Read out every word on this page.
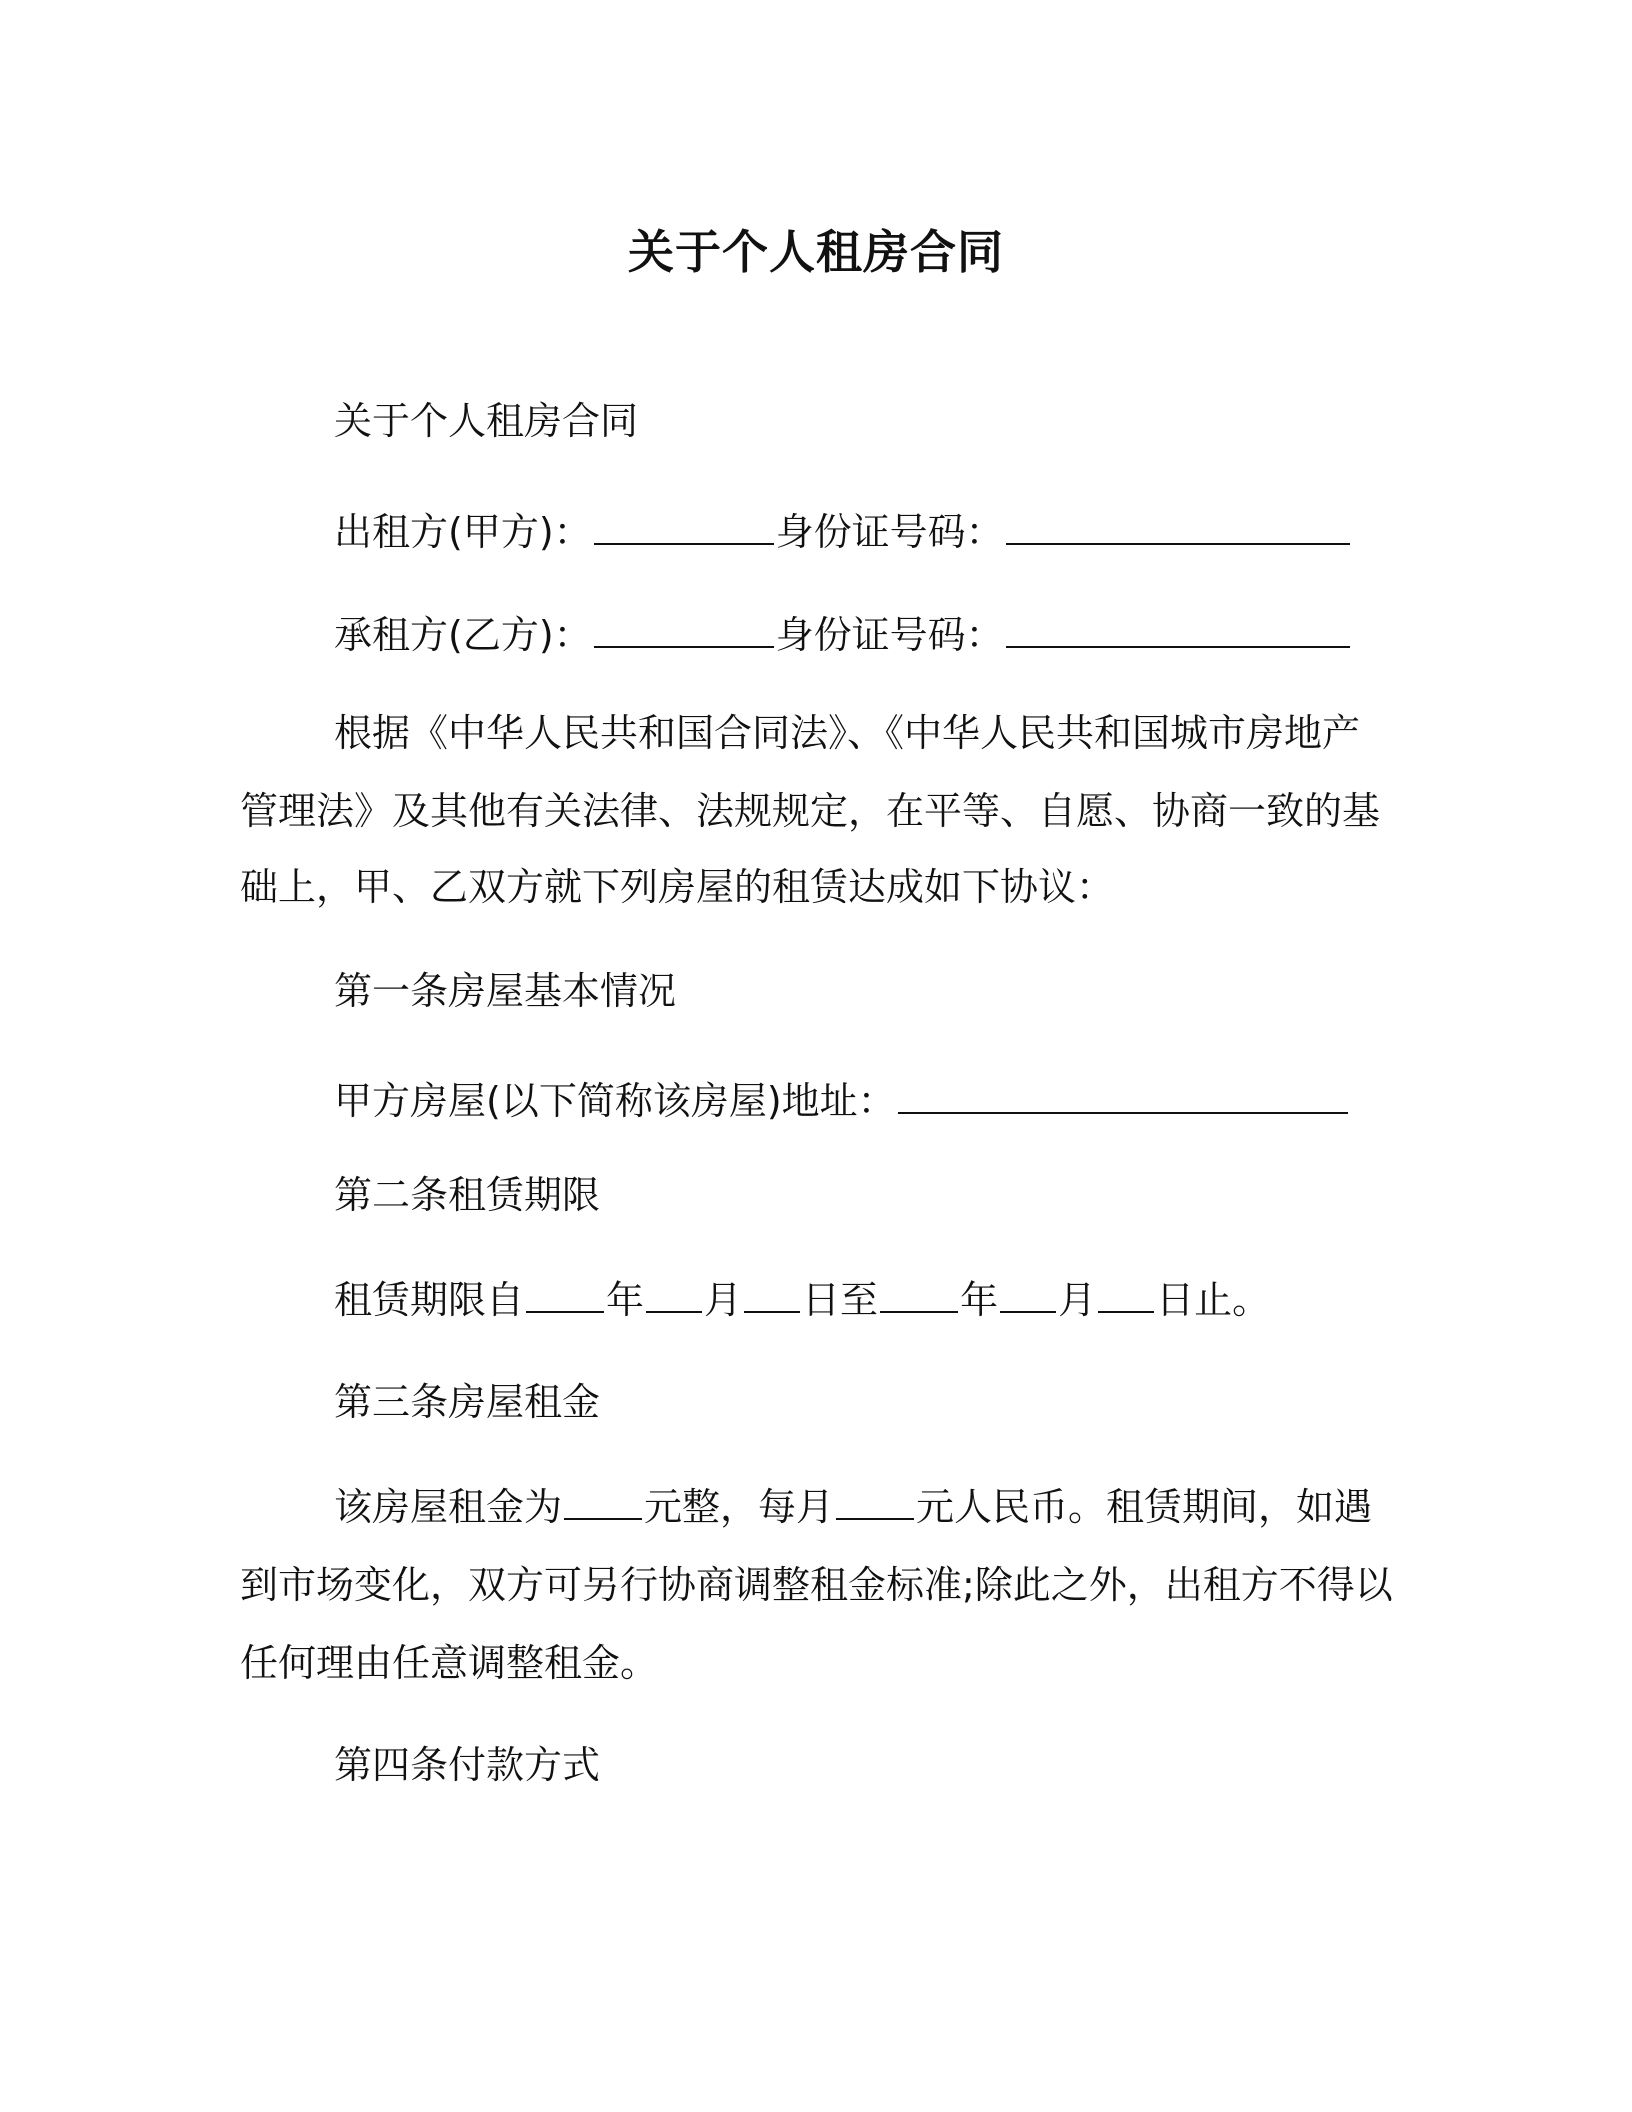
关于个人租房合同

关于个人租房合同

出租方(甲方)：	身份证号码：

承租方(乙方)：	身份证号码：

根据《中华人民共和国合同法》、《中华人民共和国城市房地产

管理法》及其他有关法律、法规规定，在平等、自愿、协商一致的基

础上，甲、乙双方就下列房屋的租赁达成如下协议：

第一条房屋基本情况

甲方房屋(以下简称该房屋)地址：

第二条租赁期限

租赁期限自 年 月 日至 年 月 日止。

第三条房屋租金

该房屋租金为 元整，每月 元人民币。租赁期间，如遇

到市场变化，双方可另行协商调整租金标准;除此之外，出租方不得以

任何理由任意调整租金。

第四条付款方式
